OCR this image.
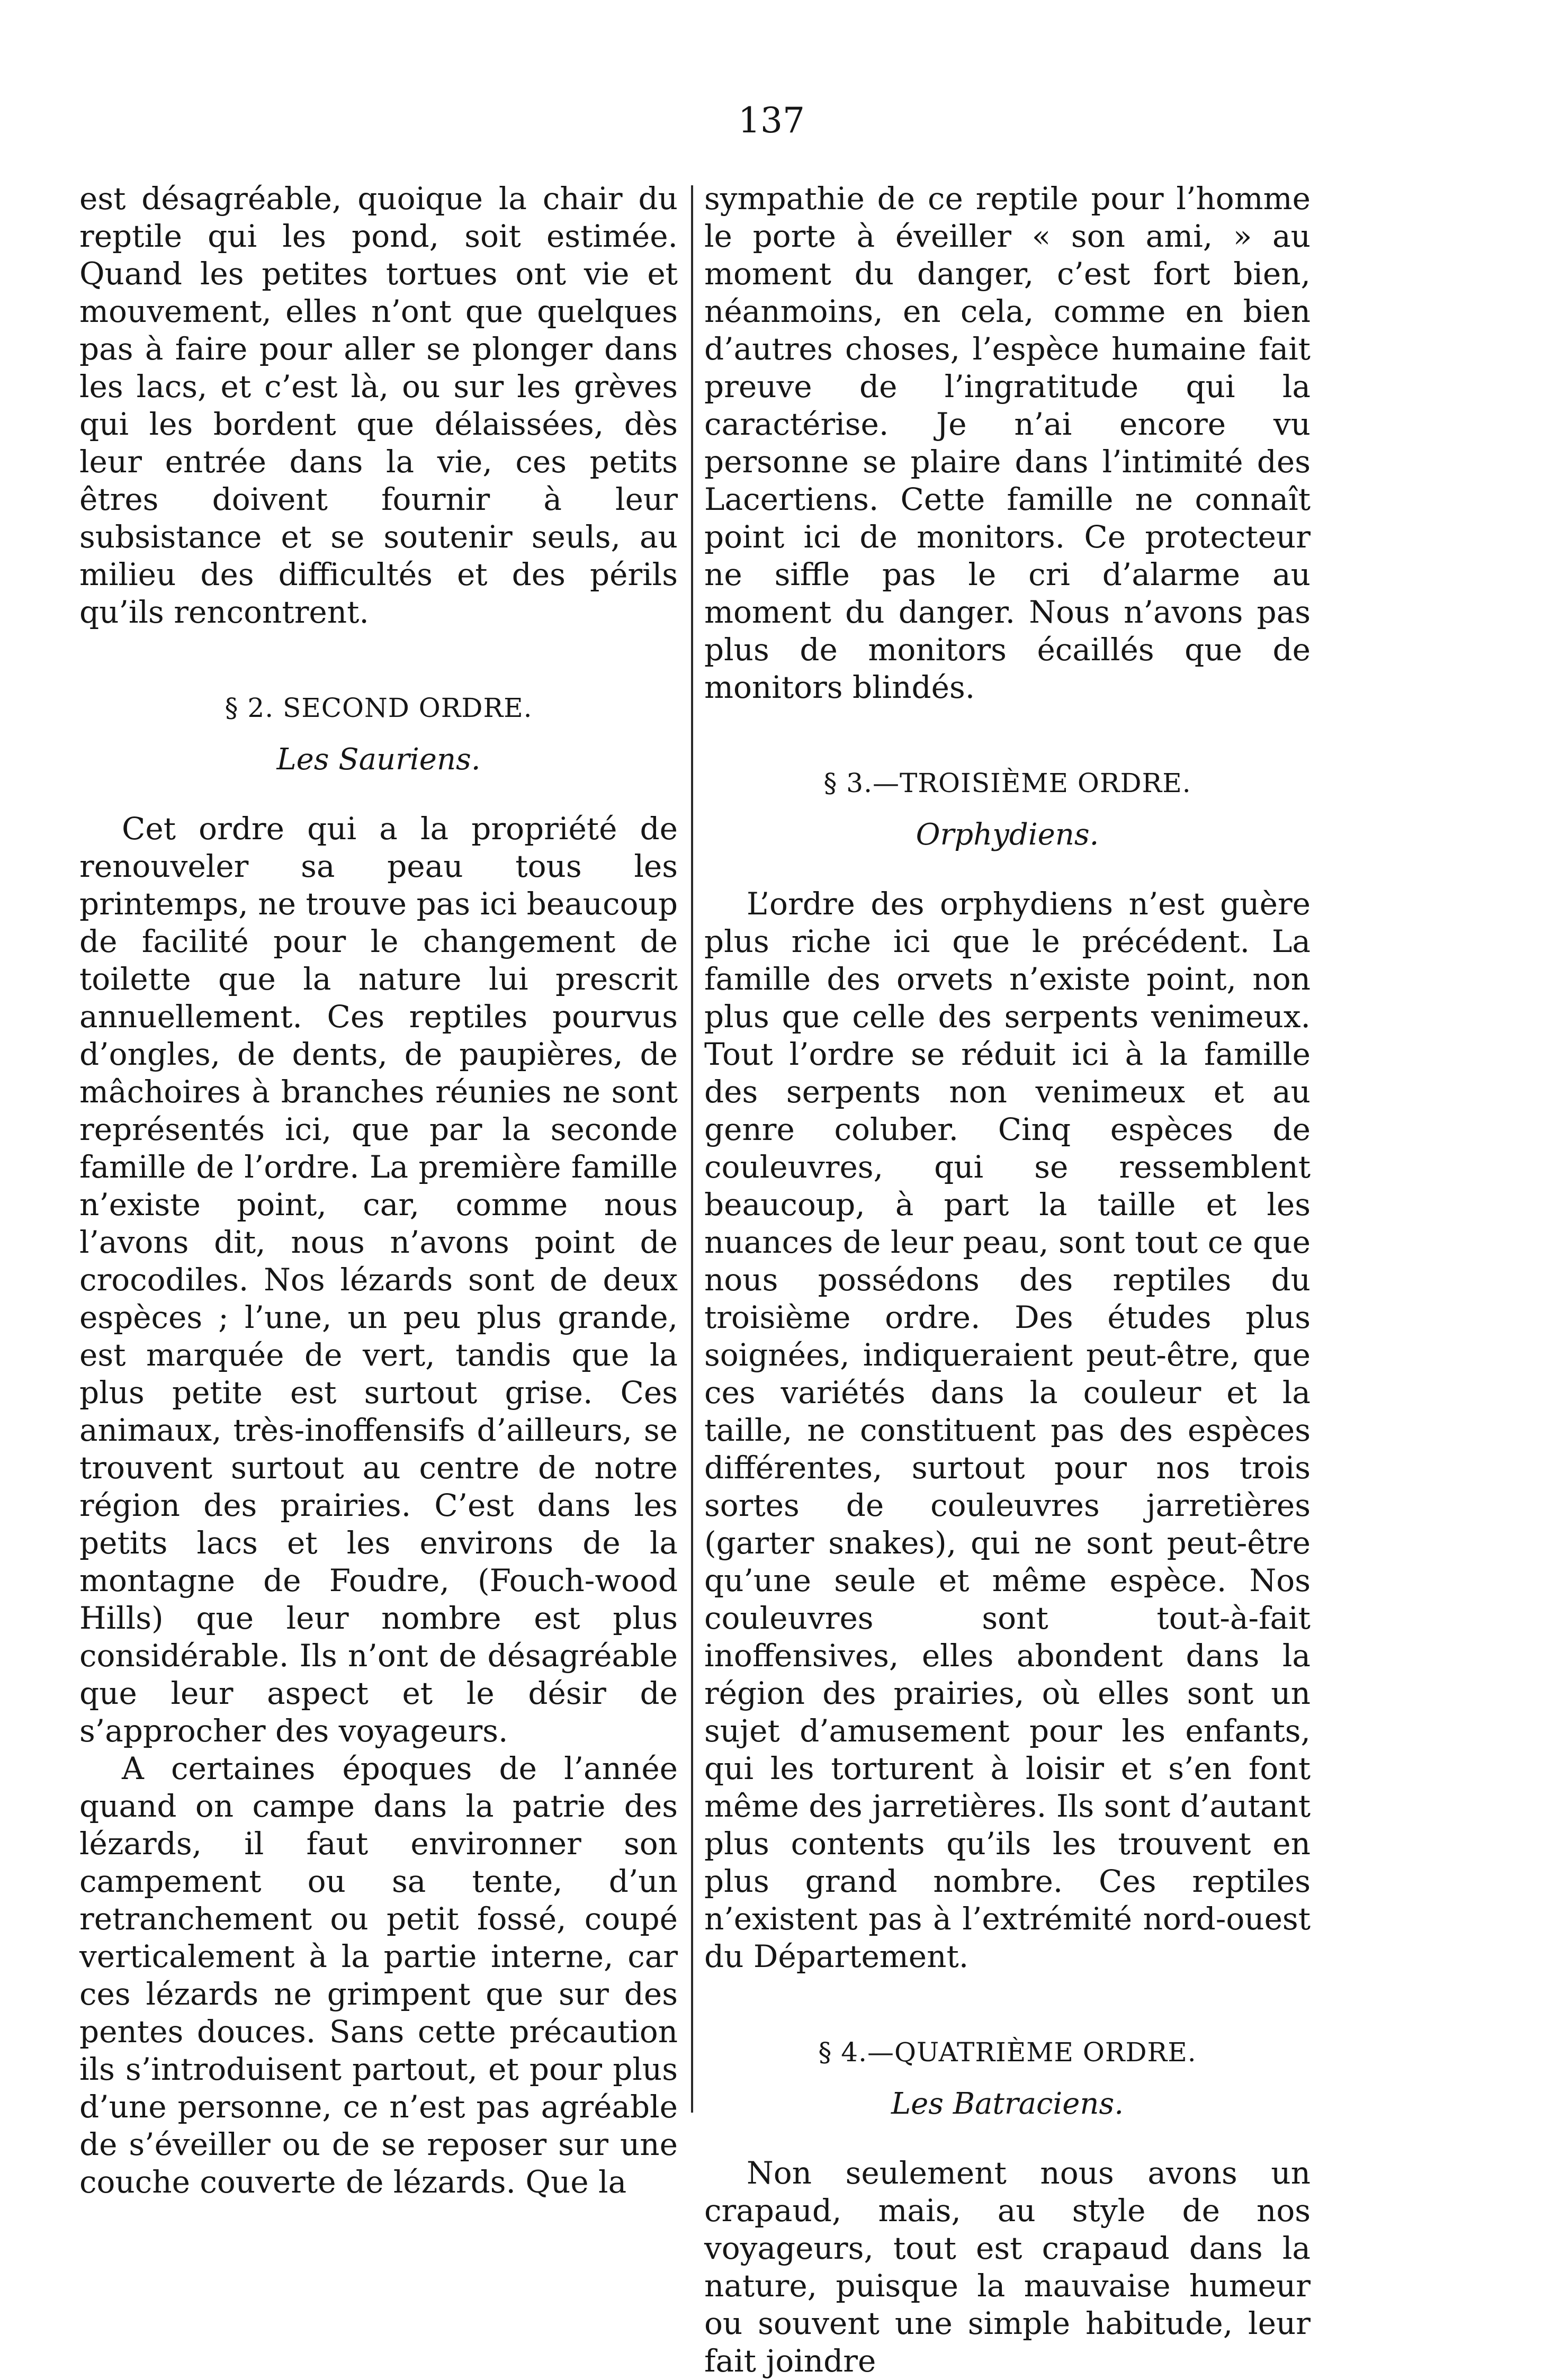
137

est désagréable, quoique la chair du reptile qui les pond, soit estimée. Quand les petites tortues ont vie et mouvement, elles n’ont que quelques pas à faire pour aller se plonger dans les lacs, et c’est là, ou sur les grèves qui les bordent que délaissées, dès leur entrée dans la vie, ces petits êtres doivent fournir à leur subsistance et se soutenir seuls, au milieu des difficultés et des périls qu’ils rencontrent.

§ 2. SECOND ORDRE.
Les Sauriens.

Cet ordre qui a la propriété de renouveler sa peau tous les printemps, ne trouve pas ici beaucoup de facilité pour le changement de toilette que la nature lui prescrit annuellement. Ces reptiles pourvus d’ongles, de dents, de paupières, de mâchoires à branches réunies ne sont représentés ici, que par la seconde famille de l’ordre. La première famille n’existe point, car, comme nous l’avons dit, nous n’avons point de crocodiles. Nos lézards sont de deux espèces ; l’une, un peu plus grande, est marquée de vert, tandis que la plus petite est surtout grise. Ces animaux, très-inoffensifs d’ailleurs, se trouvent surtout au centre de notre région des prairies. C’est dans les petits lacs et les environs de la montagne de Foudre, (Fouch-wood Hills) que leur nombre est plus considérable. Ils n’ont de désagréable que leur aspect et le désir de s’approcher des voyageurs.

A certaines époques de l’année quand on campe dans la patrie des lézards, il faut environner son campement ou sa tente, d’un retranchement ou petit fossé, coupé verticalement à la partie interne, car ces lézards ne grimpent que sur des pentes douces. Sans cette précaution ils s’introduisent partout, et pour plus d’une personne, ce n’est pas agréable de s’éveiller ou de se reposer sur une couche couverte de lézards. Que la

sympathie de ce reptile pour l’homme le porte à éveiller « son ami, » au moment du danger, c’est fort bien, néanmoins, en cela, comme en bien d’autres choses, l’espèce humaine fait preuve de l’ingratitude qui la caractérise. Je n’ai encore vu personne se plaire dans l’intimité des Lacertiens. Cette famille ne connaît point ici de monitors. Ce protecteur ne siffle pas le cri d’alarme au moment du danger. Nous n’avons pas plus de monitors écaillés que de monitors blindés.

§ 3.—TROISIÈME ORDRE.
Orphydiens.

L’ordre des orphydiens n’est guère plus riche ici que le précédent. La famille des orvets n’existe point, non plus que celle des serpents venimeux. Tout l’ordre se réduit ici à la famille des serpents non venimeux et au genre coluber. Cinq espèces de couleuvres, qui se ressemblent beaucoup, à part la taille et les nuances de leur peau, sont tout ce que nous possédons des reptiles du troisième ordre. Des études plus soignées, indiqueraient peut-être, que ces variétés dans la couleur et la taille, ne constituent pas des espèces différentes, surtout pour nos trois sortes de couleuvres jarretières (garter snakes), qui ne sont peut-être qu’une seule et même espèce. Nos couleuvres sont tout-à-fait inoffensives, elles abondent dans la région des prairies, où elles sont un sujet d’amusement pour les enfants, qui les torturent à loisir et s’en font même des jarretières. Ils sont d’autant plus contents qu’ils les trouvent en plus grand nombre. Ces reptiles n’existent pas à l’extrémité nord-ouest du Département.

§ 4.—QUATRIÈME ORDRE.
Les Batraciens.

Non seulement nous avons un crapaud, mais, au style de nos voyageurs, tout est crapaud dans la nature, puisque la mauvaise humeur ou souvent une simple habitude, leur fait joindre
